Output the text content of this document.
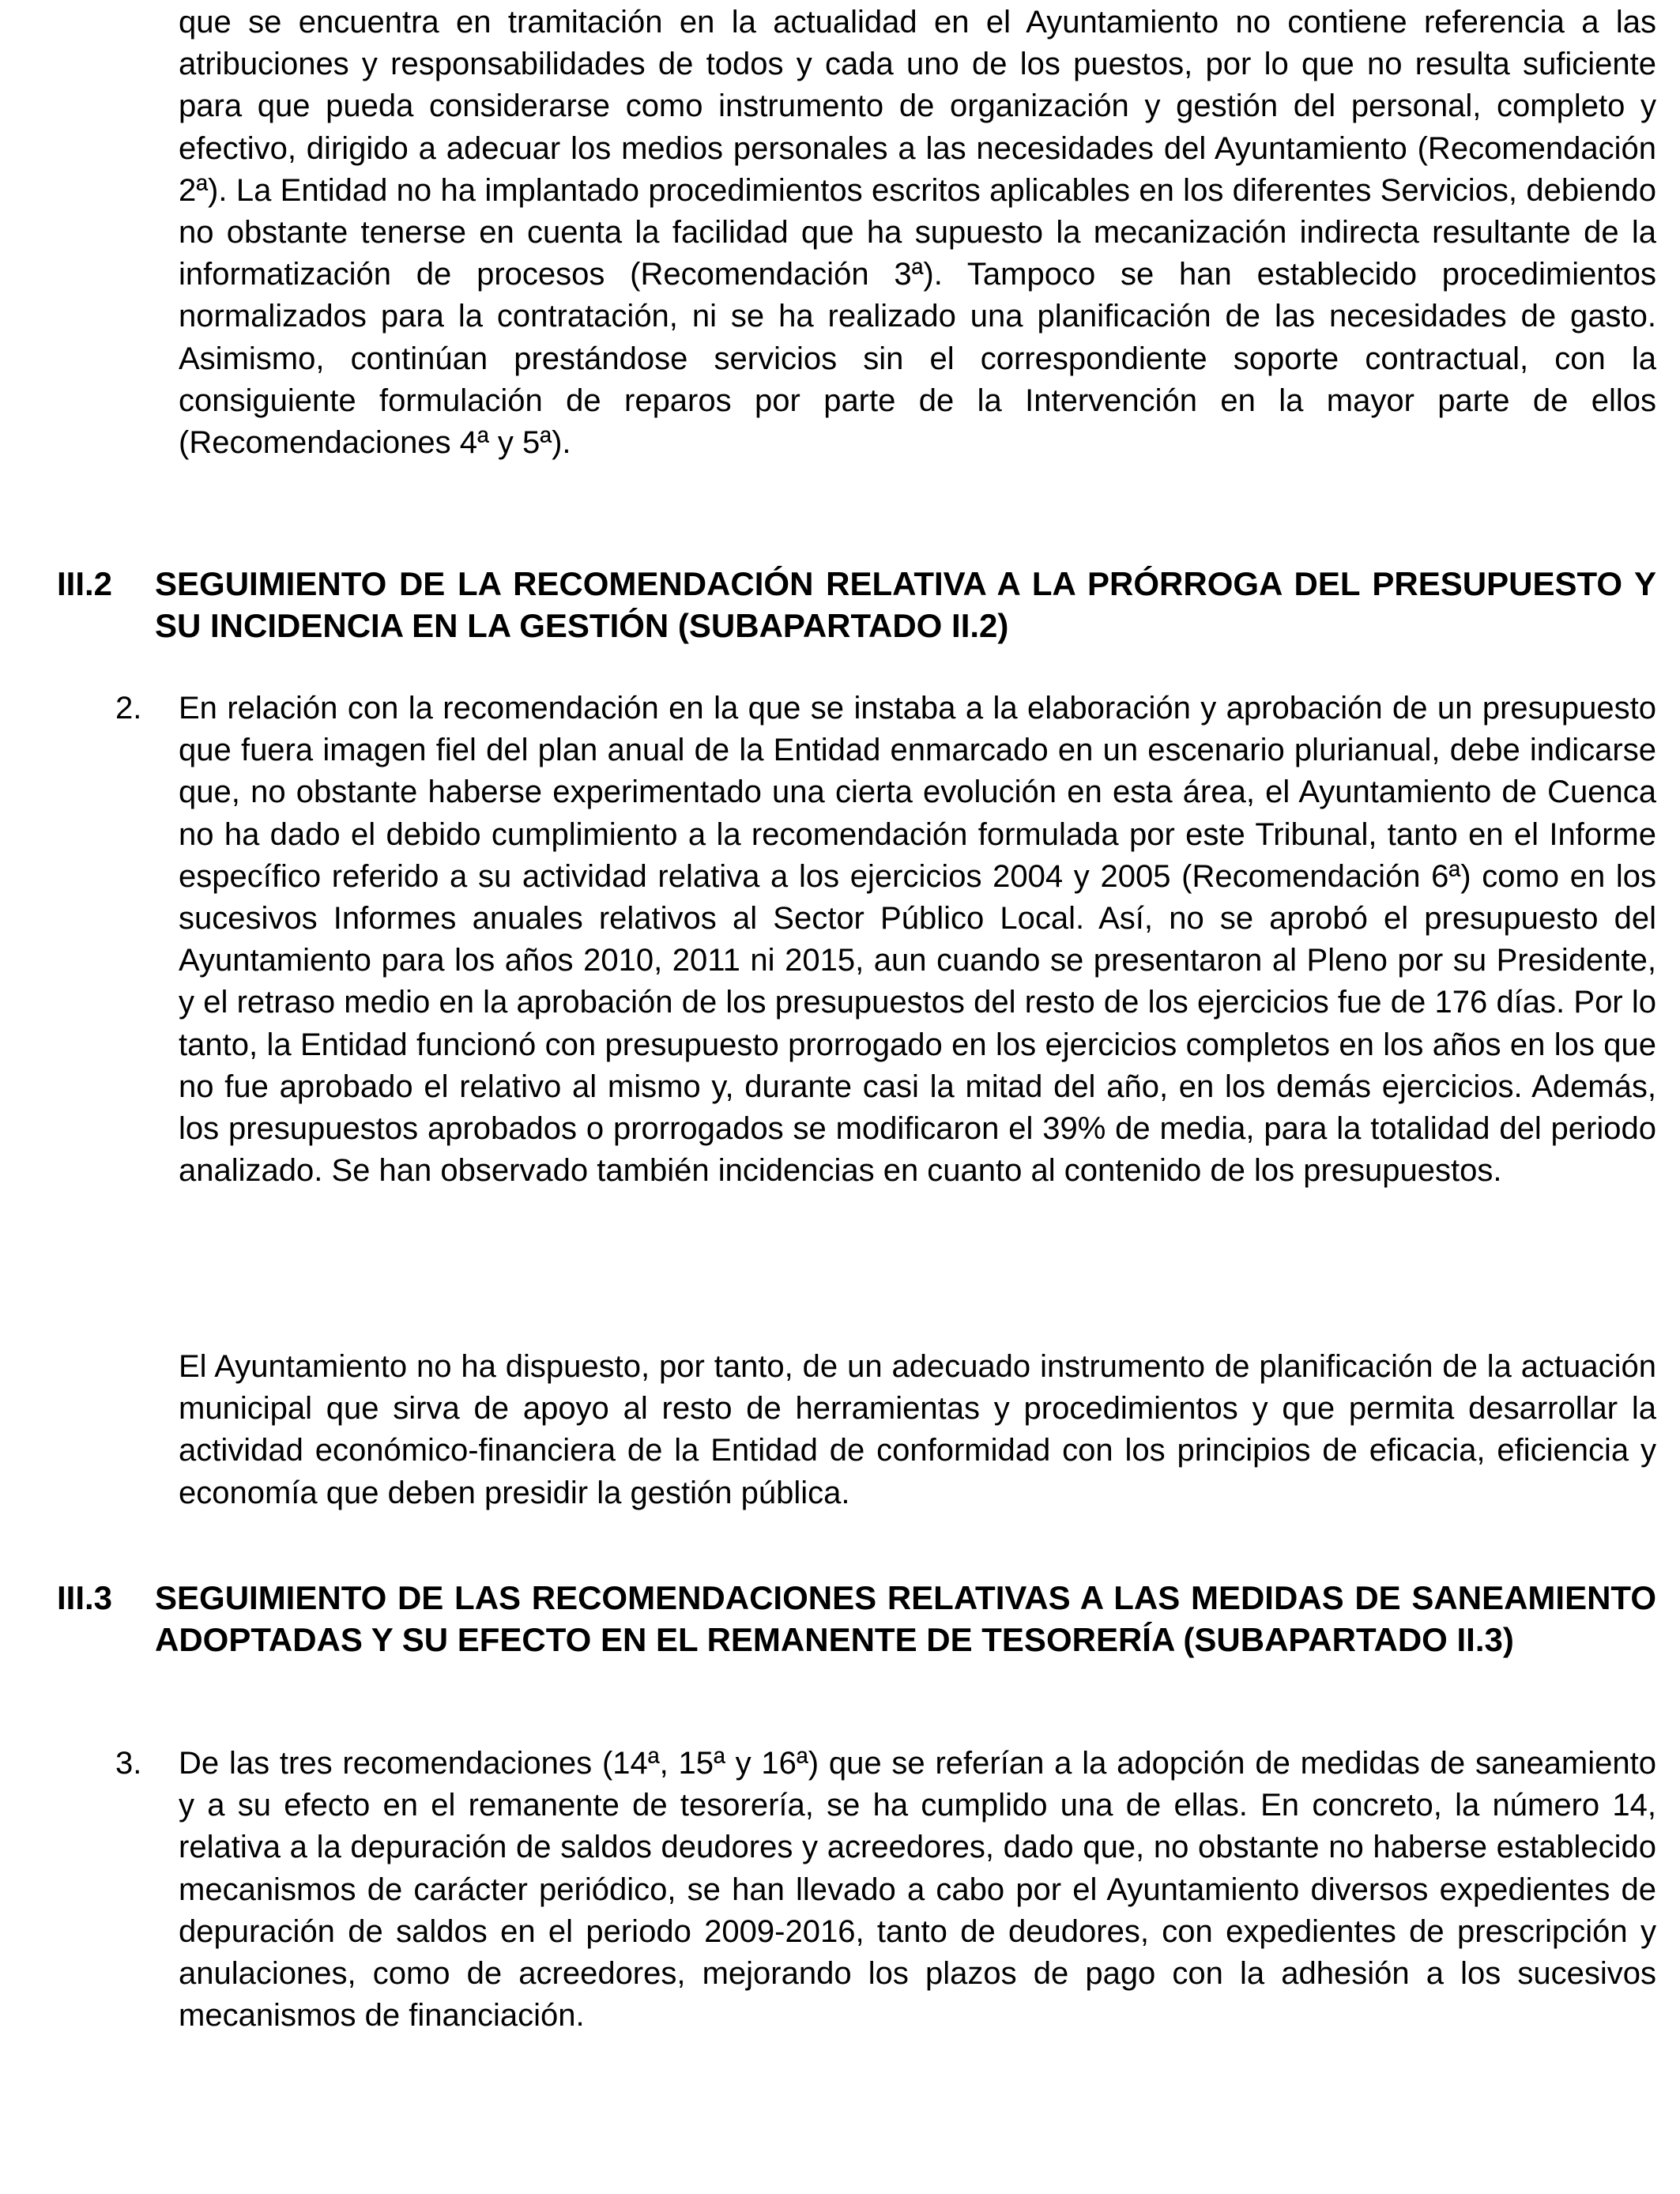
que se encuentra en tramitación en la actualidad en el Ayuntamiento no contiene referencia a las atribuciones y responsabilidades de todos y cada uno de los puestos, por lo que no resulta suficiente para que pueda considerarse como instrumento de organización y gestión del personal, completo y efectivo, dirigido a adecuar los medios personales a las necesidades del Ayuntamiento (Recomendación 2ª). La Entidad no ha implantado procedimientos escritos aplicables en los diferentes Servicios, debiendo no obstante tenerse en cuenta la facilidad que ha supuesto la mecanización indirecta resultante de la informatización de procesos (Recomendación 3ª). Tampoco se han establecido procedimientos normalizados para la contratación, ni se ha realizado una planificación de las necesidades de gasto. Asimismo, continúan prestándose servicios sin el correspondiente soporte contractual, con la consiguiente formulación de reparos por parte de la Intervención en la mayor parte de ellos (Recomendaciones 4ª y 5ª).

III.2 SEGUIMIENTO DE LA RECOMENDACIÓN RELATIVA A LA PRÓRROGA DEL PRESUPUESTO Y SU INCIDENCIA EN LA GESTIÓN (SUBAPARTADO II.2)
2. En relación con la recomendación en la que se instaba a la elaboración y aprobación de un presupuesto que fuera imagen fiel del plan anual de la Entidad enmarcado en un escenario plurianual, debe indicarse que, no obstante haberse experimentado una cierta evolución en esta área, el Ayuntamiento de Cuenca no ha dado el debido cumplimiento a la recomendación formulada por este Tribunal, tanto en el Informe específico referido a su actividad relativa a los ejercicios 2004 y 2005 (Recomendación 6ª) como en los sucesivos Informes anuales relativos al Sector Público Local. Así, no se aprobó el presupuesto del Ayuntamiento para los años 2010, 2011 ni 2015, aun cuando se presentaron al Pleno por su Presidente, y el retraso medio en la aprobación de los presupuestos del resto de los ejercicios fue de 176 días. Por lo tanto, la Entidad funcionó con presupuesto prorrogado en los ejercicios completos en los años en los que no fue aprobado el relativo al mismo y, durante casi la mitad del año, en los demás ejercicios. Además, los presupuestos aprobados o prorrogados se modificaron el 39% de media, para la totalidad del periodo analizado. Se han observado también incidencias en cuanto al contenido de los presupuestos.

El Ayuntamiento no ha dispuesto, por tanto, de un adecuado instrumento de planificación de la actuación municipal que sirva de apoyo al resto de herramientas y procedimientos y que permita desarrollar la actividad económico-financiera de la Entidad de conformidad con los principios de eficacia, eficiencia y economía que deben presidir la gestión pública.

III.3 SEGUIMIENTO DE LAS RECOMENDACIONES RELATIVAS A LAS MEDIDAS DE SANEAMIENTO ADOPTADAS Y SU EFECTO EN EL REMANENTE DE TESORERÍA (SUBAPARTADO II.3)
3. De las tres recomendaciones (14ª, 15ª y 16ª) que se referían a la adopción de medidas de saneamiento y a su efecto en el remanente de tesorería, se ha cumplido una de ellas. En concreto, la número 14, relativa a la depuración de saldos deudores y acreedores, dado que, no obstante no haberse establecido mecanismos de carácter periódico, se han llevado a cabo por el Ayuntamiento diversos expedientes de depuración de saldos en el periodo 2009-2016, tanto de deudores, con expedientes de prescripción y anulaciones, como de acreedores, mejorando los plazos de pago con la adhesión a los sucesivos mecanismos de financiación.
